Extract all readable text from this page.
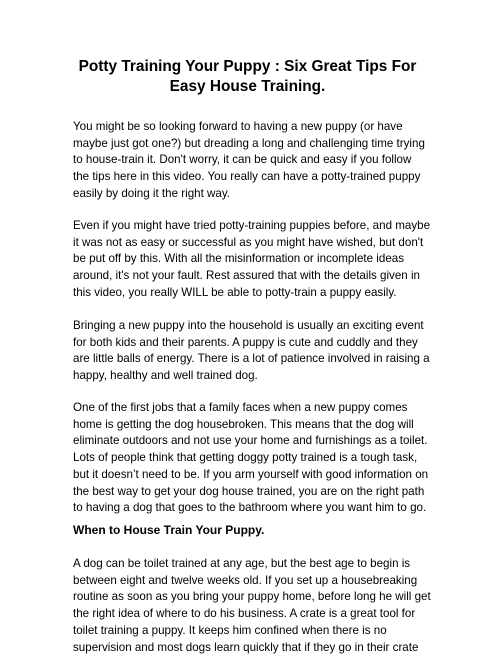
Potty Training Your Puppy : Six Great Tips For
Easy House Training.

You might be so looking forward to having a new puppy (or have
maybe just got one?) but dreading a long and challenging time trying
to house-train it. Don't worry, it can be quick and easy if you follow
the tips here in this video. You really can have a potty-trained puppy
easily by doing it the right way.

Even if you might have tried potty-training puppies before, and maybe
it was not as easy or successful as you might have wished, but don't
be put off by this. With all the misinformation or incomplete ideas
around, it's not your fault. Rest assured that with the details given in
this video, you really WILL be able to potty-train a puppy easily.

Bringing a new puppy into the household is usually an exciting event
for both kids and their parents. A puppy is cute and cuddly and they
are little balls of energy. There is a lot of patience involved in raising a
happy, healthy and well trained dog.

One of the first jobs that a family faces when a new puppy comes
home is getting the dog housebroken. This means that the dog will
eliminate outdoors and not use your home and furnishings as a toilet.
Lots of people think that getting doggy potty trained is a tough task,
but it doesn’t need to be. If you arm yourself with good information on
the best way to get your dog house trained, you are on the right path
to having a dog that goes to the bathroom where you want him to go.

When to House Train Your Puppy.

A dog can be toilet trained at any age, but the best age to begin is
between eight and twelve weeks old. If you set up a housebreaking
routine as soon as you bring your puppy home, before long he will get
the right idea of where to do his business. A crate is a great tool for
toilet training a puppy. It keeps him confined when there is no
supervision and most dogs learn quickly that if they go in their crate
